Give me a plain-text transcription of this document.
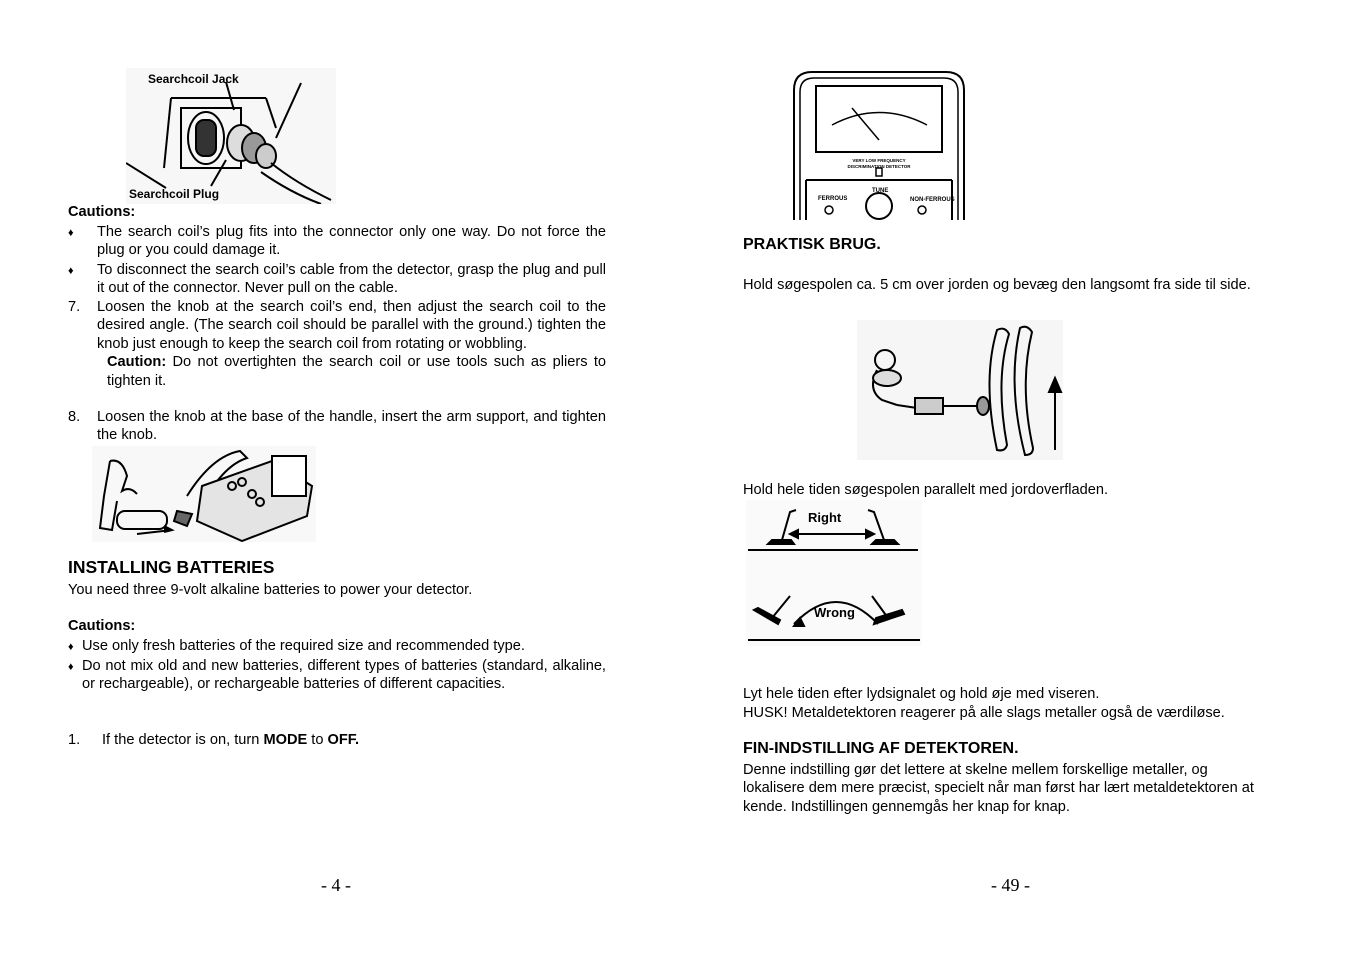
Searchcoil Jack
Searchcoil Plug
Cautions:
♦ The search coil’s plug fits into the connector only one way. Do not force the plug or you could damage it.
♦ To disconnect the search coil’s cable from the detector, grasp the plug and pull it out of the connector. Never pull on the cable.
7. Loosen the knob at the search coil’s end, then adjust the search coil to the desired angle. (The search coil should be parallel with the ground.) tighten the knob just enough to keep the search coil from rotating or wobbling.
Caution: Do not overtighten the search coil or use tools such as pliers to tighten it.
8. Loosen the knob at the base of the handle, insert the arm support, and tighten the knob.
INSTALLING BATTERIES
You need three 9-volt alkaline batteries to power your detector.
Cautions:
♦ Use only fresh batteries of the required size and recommended type.
♦ Do not mix old and new batteries, different types of batteries (standard, alkaline, or rechargeable), or rechargeable batteries of different capacities.
1. If the detector is on, turn MODE to OFF.
- 4 -
VERY LOW FREQUENCY
DISCRIMINATION DETECTOR
FERROUS
TUNE
NON-FERROUS
PRAKTISK BRUG.
Hold søgespolen ca. 5 cm over jorden og bevæg den langsomt fra side til side.
Hold hele tiden søgespolen parallelt med jordoverfladen.
Right
Wrong
Lyt hele tiden efter lydsignalet og hold øje med viseren.
HUSK! Metaldetektoren reagerer på alle slags metaller også de værdiløse.
FIN-INDSTILLING AF DETEKTOREN.
Denne indstilling gør det lettere at skelne mellem forskellige metaller, og lokalisere dem mere præcist, specielt når man først har lært metaldetektoren at kende. Indstillingen gennemgås her knap for knap.
- 49 -
